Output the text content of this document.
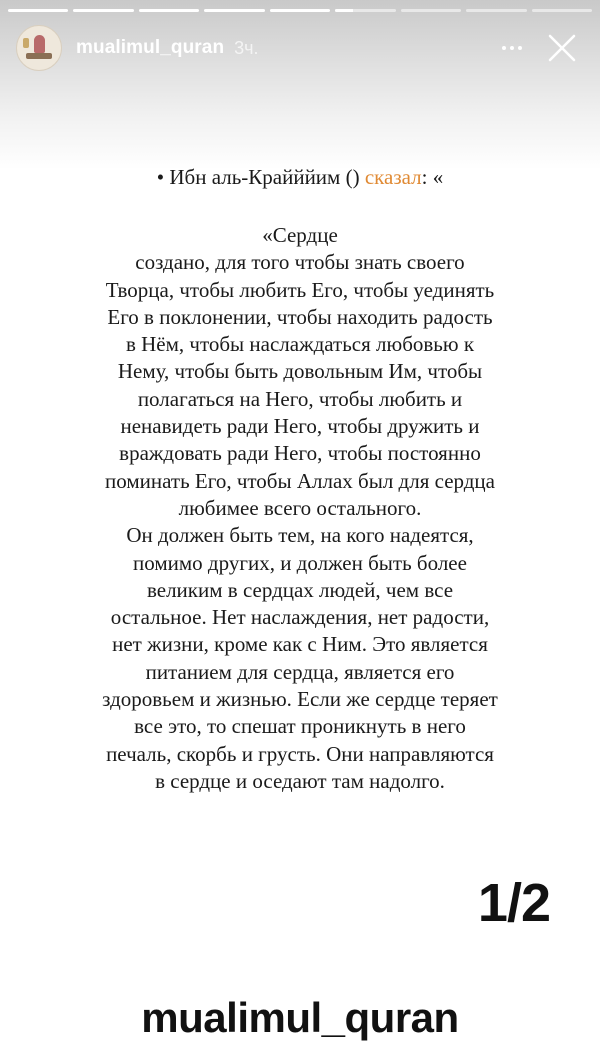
mualimul_quran 3ч.
• Ибн аль-Крайййим () сказал: «
«Сердце
создано, для того чтобы знать своего
Творца, чтобы любить Его, чтобы уединять
Его в поклонении, чтобы находить радость
в Нём, чтобы наслаждаться любовью к
Нему, чтобы быть довольным Им, чтобы
полагаться на Него, чтобы любить и
ненавидеть ради Него, чтобы дружить и
враждовать ради Него, чтобы постоянно
поминать Его, чтобы Аллах был для сердца
любимее всего остального.
Он должен быть тем, на кого надеятся,
помимо других, и должен быть более
великим в сердцах людей, чем все
остальное. Нет наслаждения, нет радости,
нет жизни, кроме как с Ним. Это является
питанием для сердца, является его
здоровьем и жизнью. Если же сердце теряет
все это, то спешат проникнуть в него
печаль, скорбь и грусть. Они направляются
в сердце и оседают там надолго.
1/2
mualimul_quran
